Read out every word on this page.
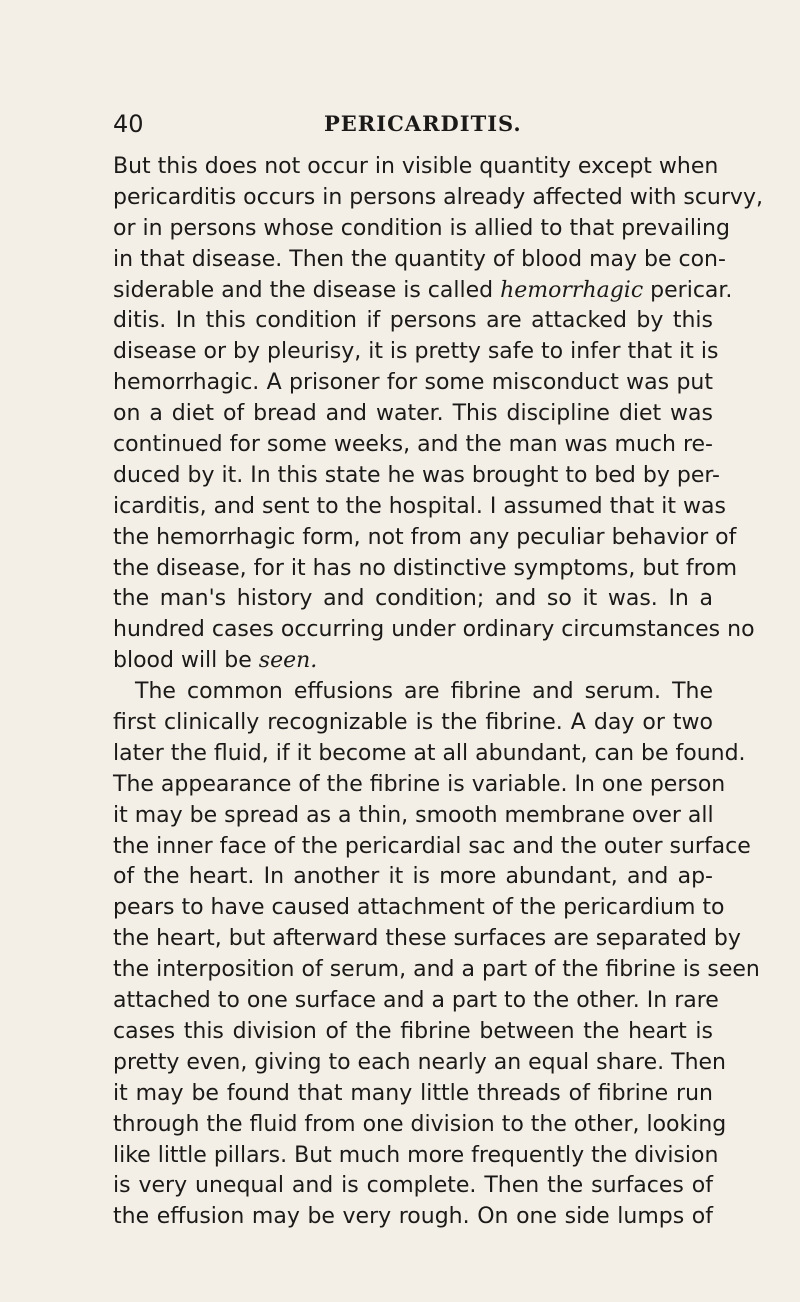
40	PERICARDITIS.
But this does not occur in visible quantity except when
pericarditis occurs in persons already affected with scurvy,
or in persons whose condition is allied to that prevailing
in that disease. Then the quantity of blood may be con-
siderable and the disease is called hemorrhagic pericar.
ditis. In this condition if persons are attacked by this
disease or by pleurisy, it is pretty safe to infer that it is
hemorrhagic. A prisoner for some misconduct was put
on a diet of bread and water. This discipline diet was
continued for some weeks, and the man was much re-
duced by it. In this state he was brought to bed by per-
icarditis, and sent to the hospital. I assumed that it was
the hemorrhagic form, not from any peculiar behavior of
the disease, for it has no distinctive symptoms, but from
the man's history and condition; and so it was. In a
hundred cases occurring under ordinary circumstances no
blood will be seen.
The common effusions are fibrine and serum. The
first clinically recognizable is the fibrine. A day or two
later the fluid, if it become at all abundant, can be found.
The appearance of the fibrine is variable. In one person
it may be spread as a thin, smooth membrane over all
the inner face of the pericardial sac and the outer surface
of the heart. In another it is more abundant, and ap-
pears to have caused attachment of the pericardium to
the heart, but afterward these surfaces are separated by
the interposition of serum, and a part of the fibrine is seen
attached to one surface and a part to the other. In rare
cases this division of the fibrine between the heart is
pretty even, giving to each nearly an equal share. Then
it may be found that many little threads of fibrine run
through the fluid from one division to the other, looking
like little pillars. But much more frequently the division
is very unequal and is complete. Then the surfaces of
the effusion may be very rough. On one side lumps of
